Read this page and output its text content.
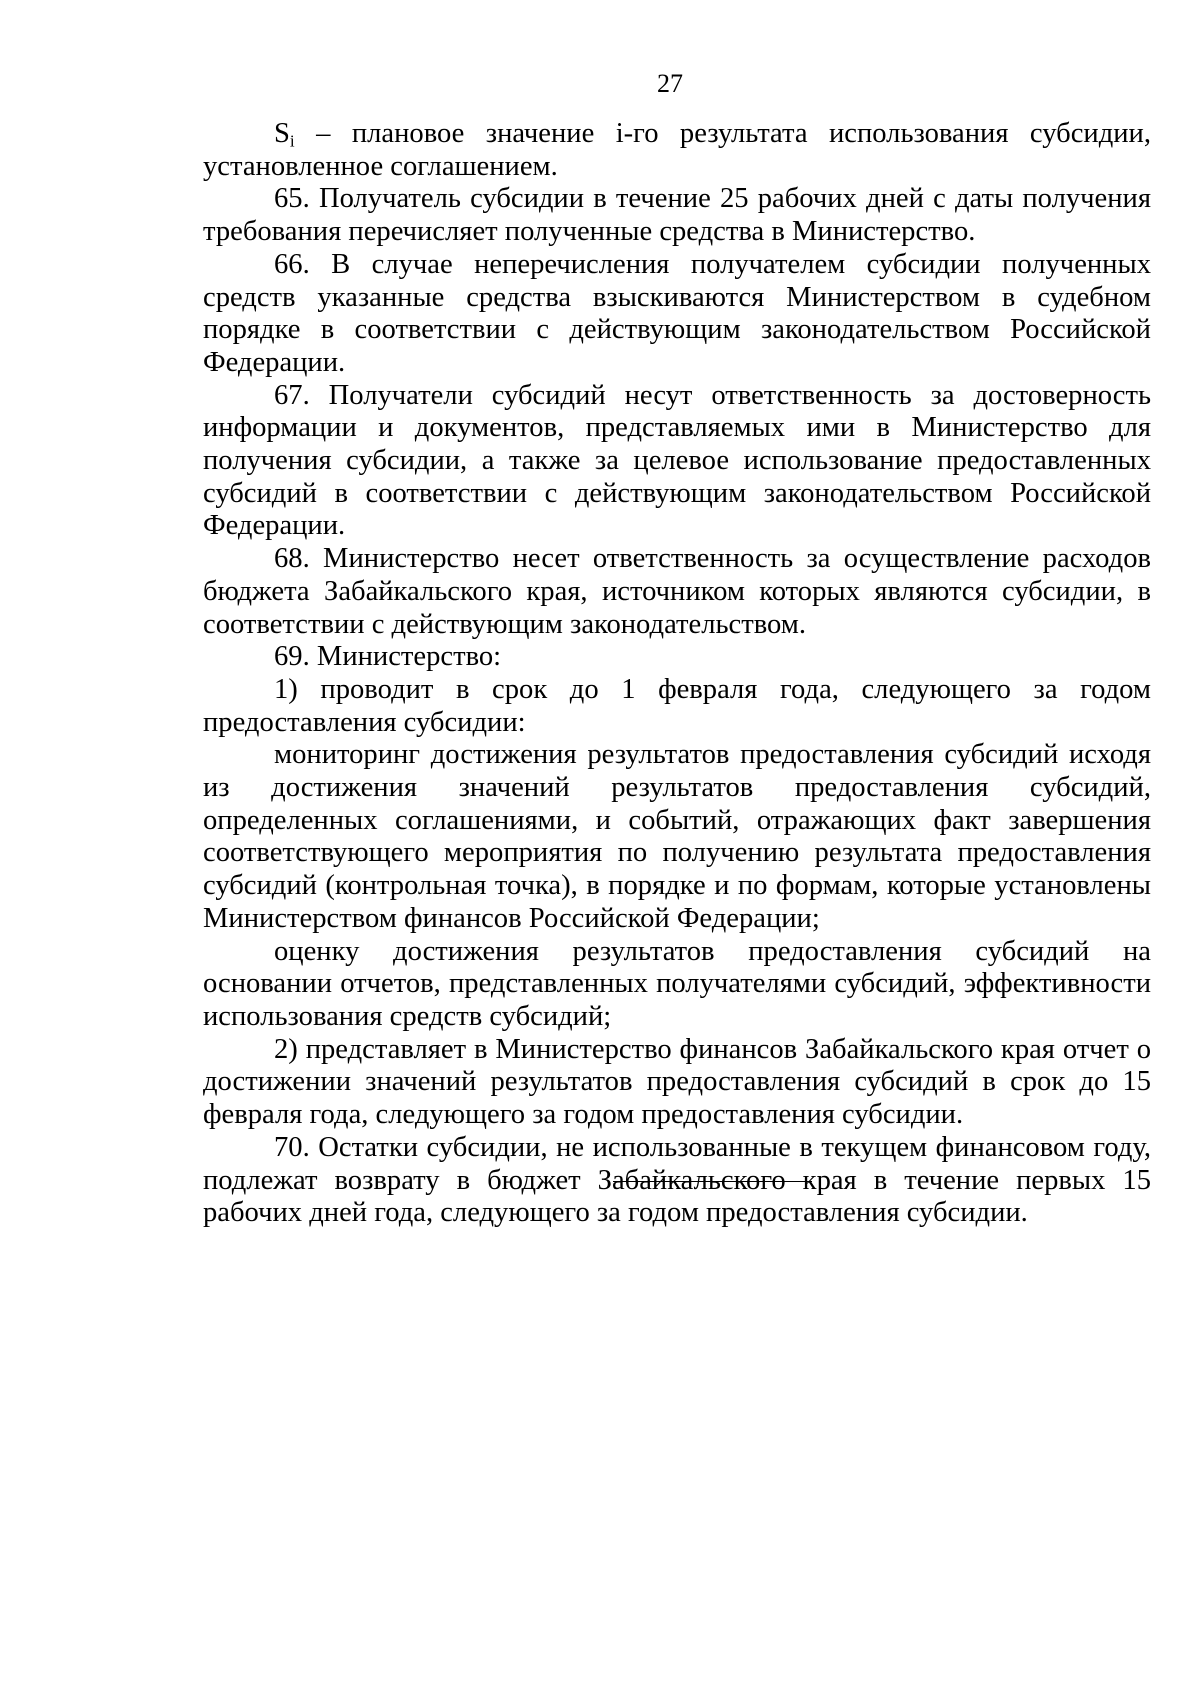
27

$S_i$ – плановое значение i-го результата использования субсидии, установленное соглашением.

65. Получатель субсидии в течение 25 рабочих дней с даты получения требования перечисляет полученные средства в Министерство.

66. В случае неперечисления получателем субсидии полученных средств указанные средства взыскиваются Министерством в судебном порядке в соответствии с действующим законодательством Российской Федерации.

67. Получатели субсидий несут ответственность за достоверность информации и документов, представляемых ими в Министерство для получения субсидии, а также за целевое использование предоставленных субсидий в соответствии с действующим законодательством Российской Федерации.

68. Министерство несет ответственность за осуществление расходов бюджета Забайкальского края, источником которых являются субсидии, в соответствии с действующим законодательством.

69. Министерство:

1) проводит в срок до 1 февраля года, следующего за годом предоставления субсидии:

мониторинг достижения результатов предоставления субсидий исходя из достижения значений результатов предоставления субсидий, определенных соглашениями, и событий, отражающих факт завершения соответствующего мероприятия по получению результата предоставления субсидий (контрольная точка), в порядке и по формам, которые установлены Министерством финансов Российской Федерации;

оценку достижения результатов предоставления субсидий на основании отчетов, представленных получателями субсидий, эффективности использования средств субсидий;

2) представляет в Министерство финансов Забайкальского края отчет о достижении значений результатов предоставления субсидий в срок до 15 февраля года, следующего за годом предоставления субсидии.

70. Остатки субсидии, не использованные в текущем финансовом году, подлежат возврату в бюджет Забайкальского края в течение первых 15 рабочих дней года, следующего за годом предоставления субсидии.
